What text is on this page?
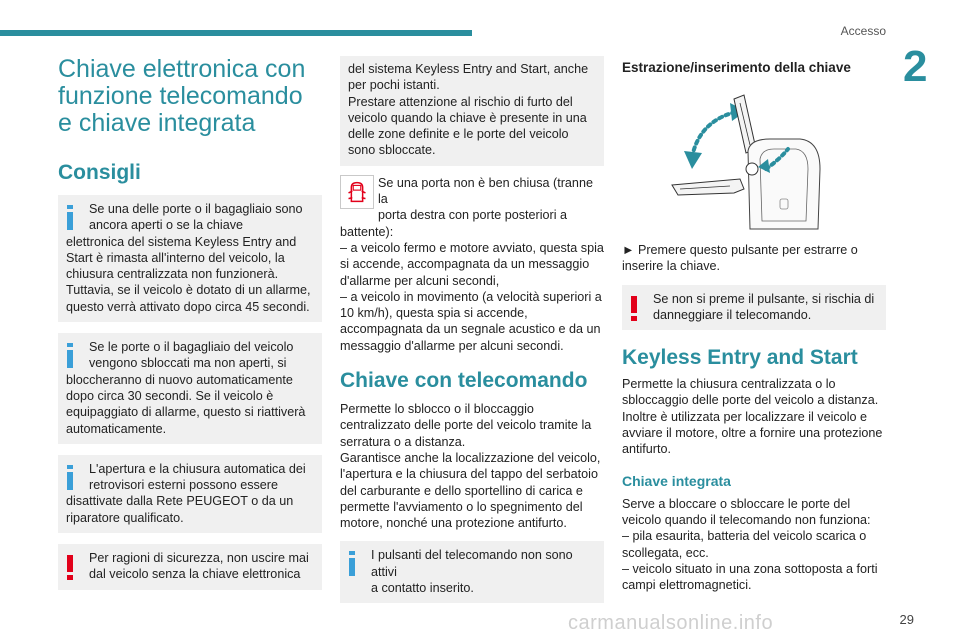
Accesso
2
Chiave elettronica con funzione telecomando e chiave integrata
Consigli
Se una delle porte o il bagagliaio sono
ancora aperti o se la chiave
elettronica del sistema Keyless Entry and Start è rimasta all'interno del veicolo, la chiusura centralizzata non funzionerà. Tuttavia, se il veicolo è dotato di un allarme, questo verrà attivato dopo circa 45 secondi.
Se le porte o il bagagliaio del veicolo
vengono sbloccati ma non aperti, si
bloccheranno di nuovo automaticamente dopo circa 30 secondi. Se il veicolo è equipaggiato di allarme, questo si riattiverà automaticamente.
L'apertura e la chiusura automatica dei
retrovisori esterni possono essere
disattivate dalla Rete PEUGEOT o da un riparatore qualificato.
Per ragioni di sicurezza, non uscire mai
dal veicolo senza la chiave elettronica
del sistema Keyless Entry and Start, anche per pochi istanti.
Prestare attenzione al rischio di furto del veicolo quando la chiave è presente in una delle zone definite e le porte del veicolo sono sbloccate.
Se una porta non è ben chiusa (tranne la
porta destra con porte posteriori a
battente):
– a veicolo fermo e motore avviato, questa spia si accende, accompagnata da un messaggio d'allarme per alcuni secondi,
– a veicolo in movimento (a velocità superiori a 10 km/h), questa spia si accende, accompagnata da un segnale acustico e da un messaggio d'allarme per alcuni secondi.
Chiave con telecomando

Permette lo sblocco o il bloccaggio centralizzato delle porte del veicolo tramite la serratura o a distanza.

Garantisce anche la localizzazione del veicolo, l'apertura e la chiusura del tappo del serbatoio del carburante e dello sportellino di carica e permette l'avviamento o lo spegnimento del motore, nonché una protezione antifurto.

I pulsanti del telecomando non sono attivi
a contatto inserito.
Estrazione/inserimento della chiave

► Premere questo pulsante per estrarre o inserire la chiave.

Se non si preme il pulsante, si rischia di
danneggiare il telecomando.
Keyless Entry and Start

Permette la chiusura centralizzata o lo sbloccaggio delle porte del veicolo a distanza. Inoltre è utilizzata per localizzare il veicolo e avviare il motore, oltre a fornire una protezione antifurto.

Chiave integrata

Serve a bloccare o sbloccare le porte del veicolo quando il telecomando non funziona:

– pila esaurita, batteria del veicolo scarica o scollegata, ecc.

– veicolo situato in una zona sottoposta a forti campi elettromagnetici.

29
carmanualsonline.info
